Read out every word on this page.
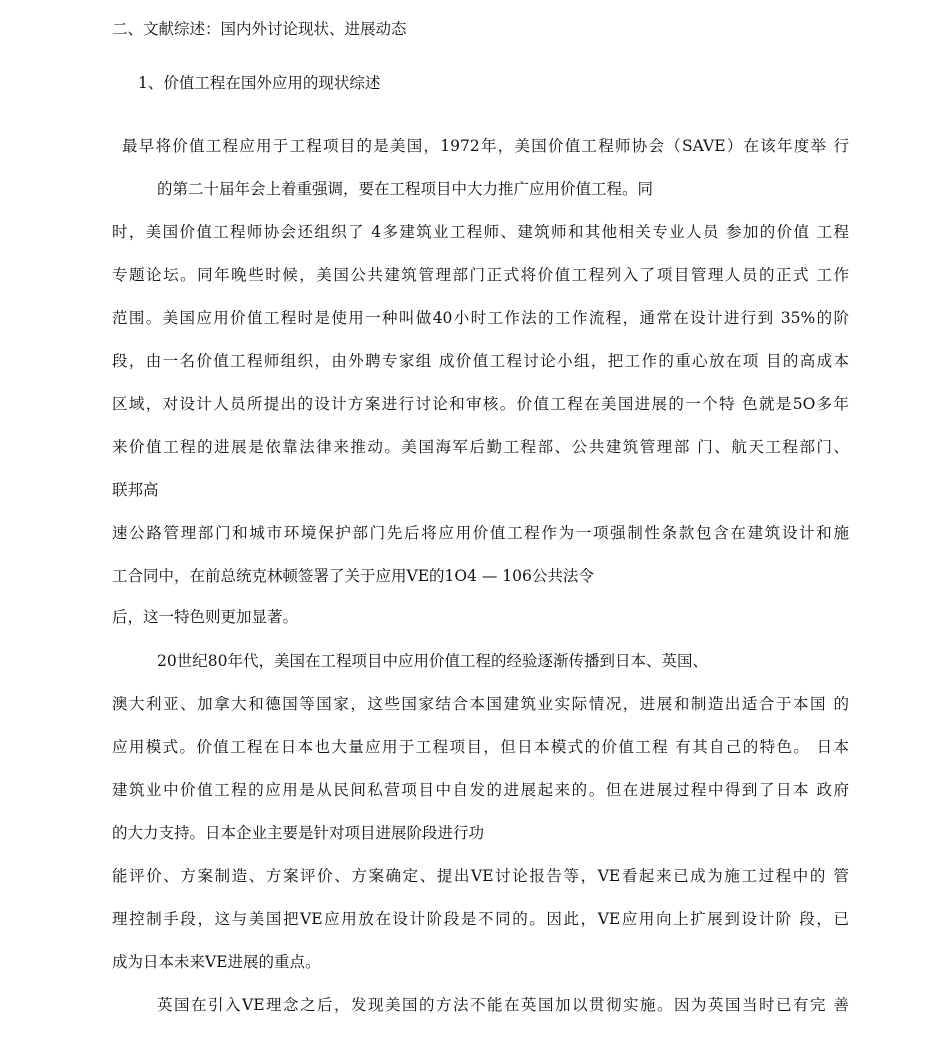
二、文献综述：国内外讨论现状、进展动态
1、价值工程在国外应用的现状综述
最早将价值工程应用于工程项目的是美国，1972年，美国价值工程师协会（SAVE）在该年度举 行
的第二十届年会上着重强调，要在工程项目中大力推广应用价值工程。同
时，美国价值工程师协会还组织了 4多建筑业工程师、建筑师和其他相关专业人员 参加的价值 工程
专题论坛。同年晚些时候，美国公共建筑管理部门正式将价值工程列入了项目管理人员的正式 工作
范围。美国应用价值工程时是使用一种叫做40小时工作法的工作流程，通常在设计进行到 35%的阶
段，由一名价值工程师组织，由外聘专家组 成价值工程讨论小组，把工作的重心放在项 目的高成本
区域，对设计人员所提出的设计方案进行讨论和审核。价值工程在美国进展的一个特 色就是5O多年
来价值工程的进展是依靠法律来推动。美国海军后勤工程部、公共建筑管理部 门、航天工程部门、
联邦高
速公路管理部门和城市环境保护部门先后将应用价值工程作为一项强制性条款包含在建筑设计和施
工合同中，在前总统克林顿签署了关于应用VE的1O4 — 106公共法令
后，这一特色则更加显著。
20世纪80年代，美国在工程项目中应用价值工程的经验逐渐传播到日本、英国、
澳大利亚、加拿大和德国等国家，这些国家结合本国建筑业实际情况，进展和制造出适合于本国 的
应用模式。价值工程在日本也大量应用于工程项目，但日本模式的价值工程 有其自己的特色。 日本
建筑业中价值工程的应用是从民间私营项目中自发的进展起来的。但在进展过程中得到了日本 政府
的大力支持。日本企业主要是针对项目进展阶段进行功
能评价、方案制造、方案评价、方案确定、提出VE讨论报告等，VE看起来已成为施工过程中的 管
理控制手段，这与美国把VE应用放在设计阶段是不同的。因此，VE应用向上扩展到设计阶 段，已
成为日本未来VE进展的重点。
英国在引入VE理念之后，发现美国的方法不能在英国加以贯彻实施。因为英国当时已有完 善
